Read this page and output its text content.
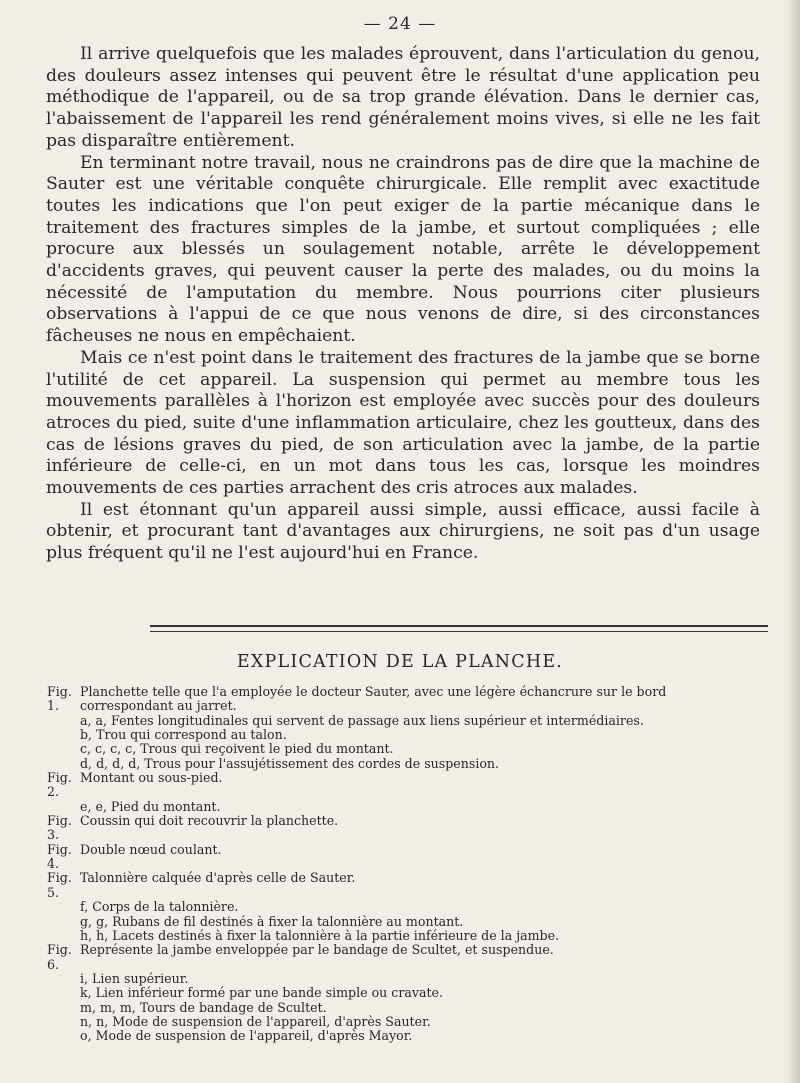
— 24 —

Il arrive quelquefois que les malades éprouvent, dans l'articulation du genou, des douleurs assez intenses qui peuvent être le résultat d'une application peu méthodique de l'appareil, ou de sa trop grande élévation. Dans le dernier cas, l'abaissement de l'appareil les rend généralement moins vives, si elle ne les fait pas disparaître entièrement.

En terminant notre travail, nous ne craindrons pas de dire que la machine de Sauter est une véritable conquête chirurgicale. Elle remplit avec exactitude toutes les indications que l'on peut exiger de la partie mécanique dans le traitement des fractures simples de la jambe, et surtout compliquées ; elle procure aux blessés un soulagement notable, arrête le développement d'accidents graves, qui peuvent causer la perte des malades, ou du moins la nécessité de l'amputation du membre. Nous pourrions citer plusieurs observations à l'appui de ce que nous venons de dire, si des circonstances fâcheuses ne nous en empêchaient.

Mais ce n'est point dans le traitement des fractures de la jambe que se borne l'utilité de cet appareil. La suspension qui permet au membre tous les mouvements parallèles à l'horizon est employée avec succès pour des douleurs atroces du pied, suite d'une inflammation articulaire, chez les goutteux, dans des cas de lésions graves du pied, de son articulation avec la jambe, de la partie inférieure de celle-ci, en un mot dans tous les cas, lorsque les moindres mouvements de ces parties arrachent des cris atroces aux malades.

Il est étonnant qu'un appareil aussi simple, aussi efficace, aussi facile à obtenir, et procurant tant d'avantages aux chirurgiens, ne soit pas d'un usage plus fréquent qu'il ne l'est aujourd'hui en France.

EXPLICATION DE LA PLANCHE.
Fig. 1.
Planchette telle que l'a employée le docteur Sauter, avec une légère échancrure sur le bord correspondant au jarret.
a, a, Fentes longitudinales qui servent de passage aux liens supérieur et intermédiaires.
b, Trou qui correspond au talon.
c, c, c, c, Trous qui reçoivent le pied du montant.
d, d, d, d, Trous pour l'assujétissement des cordes de suspension.
Fig. 2.
Montant ou sous-pied.
e, e, Pied du montant.
Fig. 3.
Coussin qui doit recouvrir la planchette.
Fig. 4.
Double nœud coulant.
Fig. 5.
Talonnière calquée d'après celle de Sauter.
f, Corps de la talonnière.
g, g, Rubans de fil destinés à fixer la talonnière au montant.
h, h, Lacets destinés à fixer la talonnière à la partie inférieure de la jambe.
Fig. 6.
Représente la jambe enveloppée par le bandage de Scultet, et suspendue.
i, Lien supérieur.
k, Lien inférieur formé par une bande simple ou cravate.
m, m, m, Tours de bandage de Scultet.
n, n, Mode de suspension de l'appareil, d'après Sauter.
o, Mode de suspension de l'appareil, d'après Mayor.
